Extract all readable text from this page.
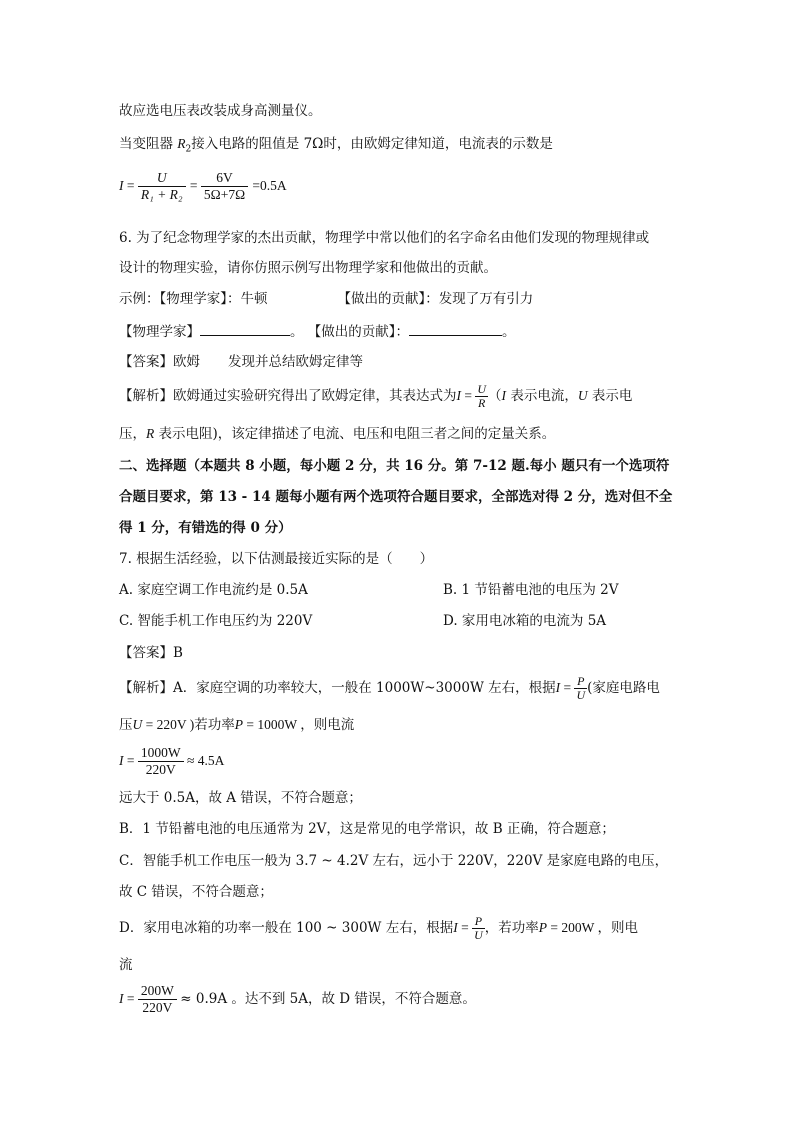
故应选电压表改装成身高测量仪。
当变阻器 $R_2$接入电路的阻值是 7Ω时，由欧姆定律知道，电流表的示数是
$I = \frac{U}{\text{R₁ + R₂}} = \frac{6V}{5\Omega+7\Omega} =0.5A$
6. 为了纪念物理学家的杰出贡献，物理学中常以他们的名字命名由他们发现的物理规律或
设计的物理实验，请你仿照示例写出物理学家和他做出的贡献。
示例：【物理学家】：牛顿	【做出的贡献】：发现了万有引力
【物理学家】	。 【做出的贡献】：	。
【答案】欧姆 发现并总结欧姆定律等
【解析】欧姆通过实验研究得出了欧姆定律，其表达式为$I = \frac{U}{R} (I$ 表示电流，U 表示电
压，R 表示电阻)，该定律描述了电流、电压和电阻三者之间的定量关系。
二、选择题（本题共 8 小题，每小题 2 分，共 16 分。第 7-12 题.每小 题只有一个选项符
合题目要求，第 13 - 14 题每小题有两个选项符合题目要求，全部选对得 2 分，选对但不全
得 1 分，有错选的得 0 分）
7. 根据生活经验，以下估测最接近实际的是（　　）
A. 家庭空调工作电流约是 0.5A	B. 1 节铅蓄电池的电压为 2V
C. 智能手机工作电压约为 220V	D. 家用电冰箱的电流为 5A
【答案】B
【解析】A．家庭空调的功率较大，一般在 1000W~3000W 左右，根据$I = \frac{P}{U}$ (家庭电路电
压U = 220V )若功率P = 1000W ，则电流
$I = \frac{1000W}{220V} \approx 4.5A$
远大于 0.5A，故 A 错误，不符合题意；
B．1 节铅蓄电池的电压通常为 2V，这是常见的电学常识，故 B 正确，符合题意；
C．智能手机工作电压一般为 3.7 ~ 4.2V 左右，远小于 220V，220V 是家庭电路的电压，
故 C 错误，不符合题意；
D．家用电冰箱的功率一般在 100 ~ 300W 左右，根据$I = \frac{P}{U}$ ，若功率P = 200W ，则电
流
$I = \frac{200W}{220V} \approx 0.9A$ 。达不到 5A，故 D 错误，不符合题意。
